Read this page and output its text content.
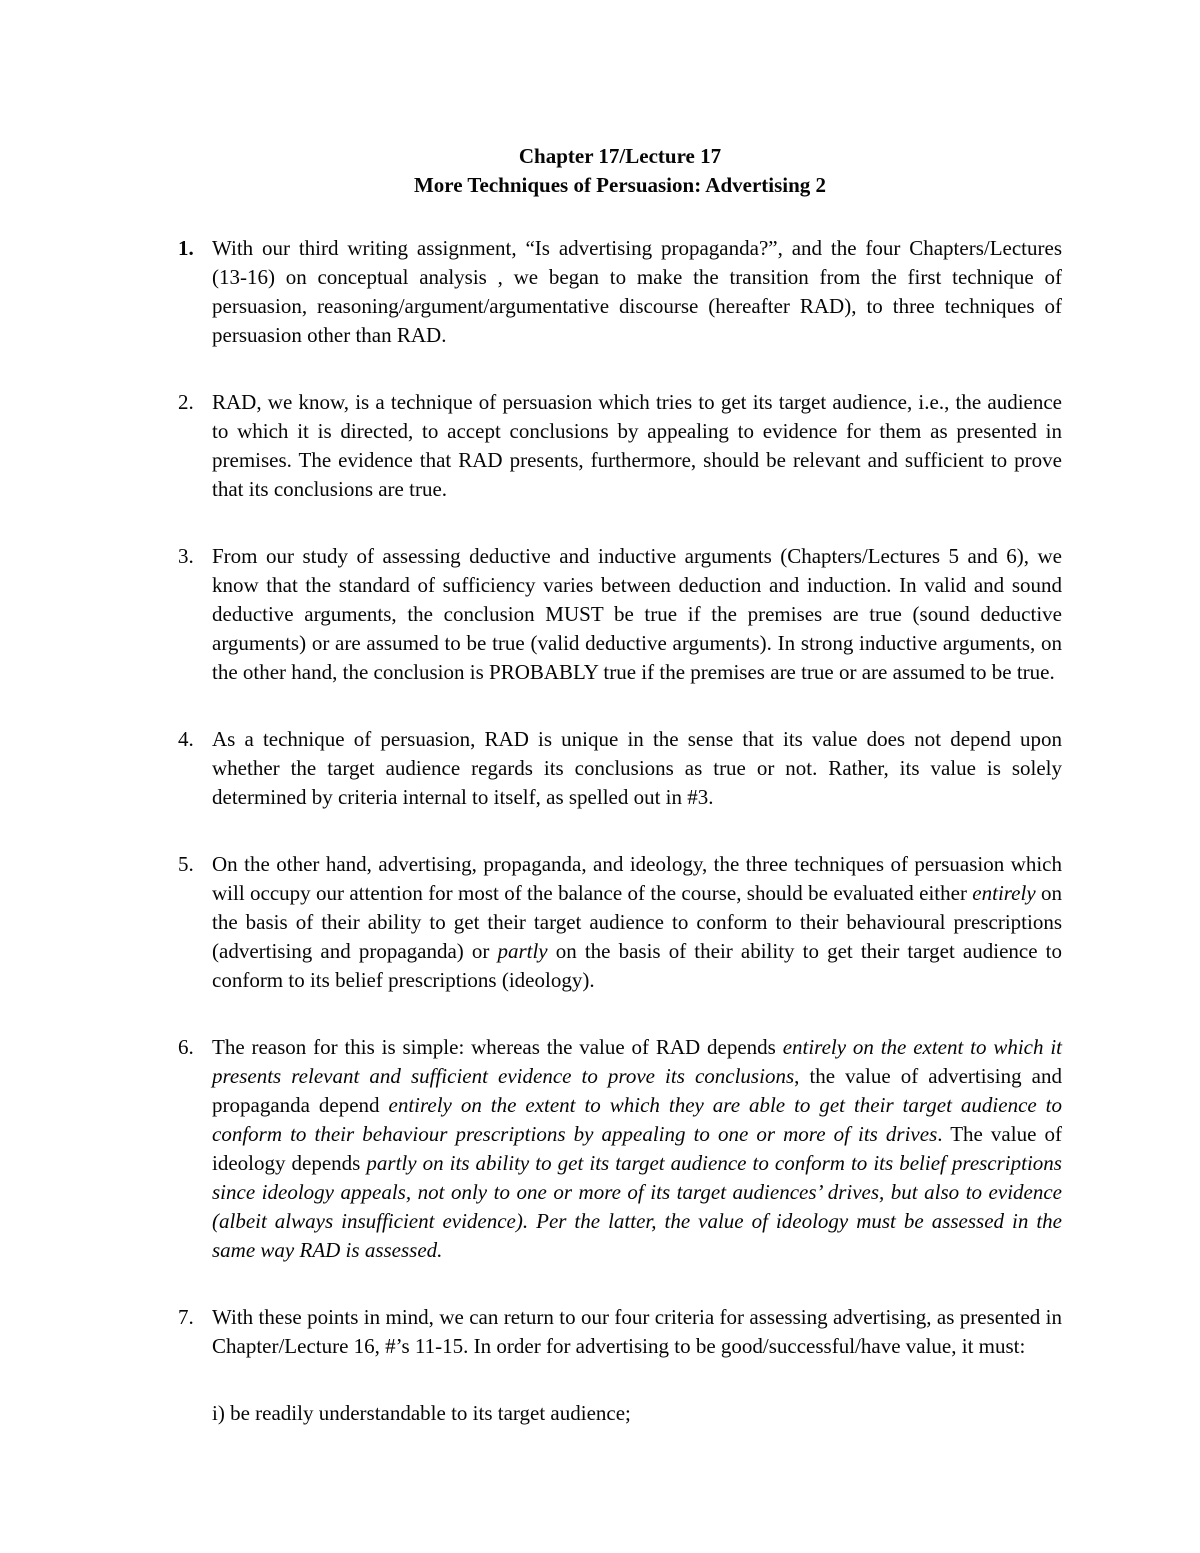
Chapter 17/Lecture 17
More Techniques of Persuasion: Advertising 2
1. With our third writing assignment, “Is advertising propaganda?”, and the four Chapters/Lectures (13-16) on conceptual analysis , we began to make the transition from the first technique of persuasion, reasoning/argument/argumentative discourse (hereafter RAD), to three techniques of persuasion other than RAD.
2. RAD, we know, is a technique of persuasion which tries to get its target audience, i.e., the audience to which it is directed, to accept conclusions by appealing to evidence for them as presented in premises. The evidence that RAD presents, furthermore, should be relevant and sufficient to prove that its conclusions are true.
3. From our study of assessing deductive and inductive arguments (Chapters/Lectures 5 and 6), we know that the standard of sufficiency varies between deduction and induction. In valid and sound deductive arguments, the conclusion MUST be true if the premises are true (sound deductive arguments) or are assumed to be true (valid deductive arguments). In strong inductive arguments, on the other hand, the conclusion is PROBABLY true if the premises are true or are assumed to be true.
4. As a technique of persuasion, RAD is unique in the sense that its value does not depend upon whether the target audience regards its conclusions as true or not. Rather, its value is solely determined by criteria internal to itself, as spelled out in #3.
5. On the other hand, advertising, propaganda, and ideology, the three techniques of persuasion which will occupy our attention for most of the balance of the course, should be evaluated either entirely on the basis of their ability to get their target audience to conform to their behavioural prescriptions (advertising and propaganda) or partly on the basis of their ability to get their target audience to conform to its belief prescriptions (ideology).
6. The reason for this is simple: whereas the value of RAD depends entirely on the extent to which it presents relevant and sufficient evidence to prove its conclusions, the value of advertising and propaganda depend entirely on the extent to which they are able to get their target audience to conform to their behaviour prescriptions by appealing to one or more of its drives. The value of ideology depends partly on its ability to get its target audience to conform to its belief prescriptions since ideology appeals, not only to one or more of its target audiences’ drives, but also to evidence (albeit always insufficient evidence). Per the latter, the value of ideology must be assessed in the same way RAD is assessed.
7. With these points in mind, we can return to our four criteria for assessing advertising, as presented in Chapter/Lecture 16, #’s 11-15. In order for advertising to be good/successful/have value, it must:
i) be readily understandable to its target audience;
